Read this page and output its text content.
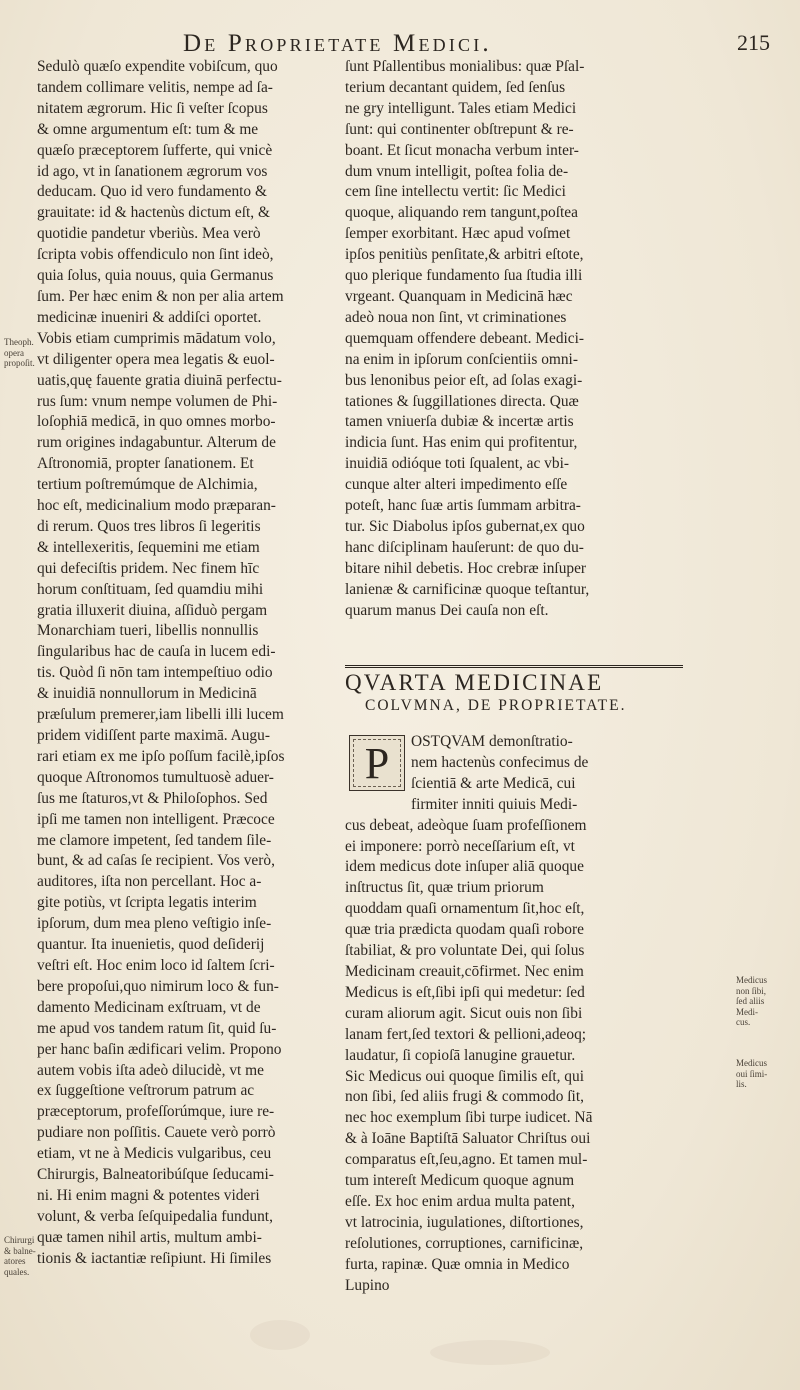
De Proprietate Medici.	215

Sedulò quæſo expendite vobiſcum, quo

tandem collimare velitis, nempe ad ſa-

nitatem ægrorum. Hic ſi veſter ſcopus

& omne argumentum eſt: tum & me

quæſo præceptorem ſufferte, qui vnicè

id ago, vt in ſanationem ægrorum vos

deducam. Quo id vero fundamento &

grauitate: id & hactenùs dictum eſt, &

quotidie pandetur vberiùs. Mea verò

ſcripta vobis offendiculo non ſint ideò,

quia ſolus, quia nouus, quia Germanus

ſum. Per hæc enim & non per alia artem

medicinæ inueniri & addiſci oportet.

Vobis etiam cumprimis mādatum volo,

vt diligenter opera mea legatis & euol-

uatis,quę fauente gratia diuinā perfectu-

rus ſum: vnum nempe volumen de Phi-

loſophiā medicā, in quo omnes morbo-

rum origines indagabuntur. Alterum de

Aſtronomiā, propter ſanationem. Et

tertium poſtremúmque de Alchimia,

hoc eſt, medicinalium modo præparan-

di rerum. Quos tres libros ſi legeritis

& intellexeritis, ſequemini me etiam

qui defeciſtis pridem. Nec finem hīc

horum conſtituam, ſed quamdiu mihi

gratia illuxerit diuina, aſſiduò pergam

Monarchiam tueri, libellis nonnullis

ſingularibus hac de cauſa in lucem edi-

tis. Quòd ſi nōn tam intempeſtiuo odio

& inuidiā nonnullorum in Medicinā

præſulum premerer,iam libelli illi lucem

pridem vidiſſent parte maximā. Augu-

rari etiam ex me ipſo poſſum facilè,ipſos

quoque Aſtronomos tumultuosè aduer-

ſus me ſtaturos,vt & Philoſophos. Sed

ipſi me tamen non intelligent. Præcoce

me clamore impetent, ſed tandem ſile-

bunt, & ad caſas ſe recipient. Vos verò,

auditores, iſta non percellant. Hoc a-

gite potiùs, vt ſcripta legatis interim

ipſorum, dum mea pleno veſtigio inſe-

quantur. Ita inuenietis, quod deſiderij

veſtri eſt. Hoc enim loco id ſaltem ſcri-

bere propoſui,quo nimirum loco & fun-

damento Medicinam exſtruam, vt de

me apud vos tandem ratum ſit, quid ſu-

per hanc baſin ædificari velim. Propono

autem vobis iſta adeò dilucidè, vt me

ex ſuggeſtione veſtrorum patrum ac

præceptorum, profeſſorúmque, iure re-

pudiare non poſſitis. Cauete verò porrò

etiam, vt ne à Medicis vulgaribus, ceu

Chirurgis, Balneatoribúſque ſeducami-

ni. Hi enim magni & potentes videri

volunt, & verba ſeſquipedalia fundunt,

quæ tamen nihil artis, multum ambi-

tionis & iactantiæ reſipiunt. Hi ſimiles

ſunt Pſallentibus monialibus: quæ Pſal-

terium decantant quidem, ſed ſenſus

ne gry intelligunt. Tales etiam Medici

ſunt: qui continenter obſtrepunt & re-

boant. Et ſicut monacha verbum inter-

dum vnum intelligit, poſtea folia de-

cem ſine intellectu vertit: ſic Medici

quoque, aliquando rem tangunt,poſtea

ſemper exorbitant. Hæc apud voſmet

ipſos penitiùs penſitate,& arbitri eſtote,

quo plerique fundamento ſua ſtudia illi

vrgeant. Quanquam in Medicinā hæc

adeò noua non ſint, vt criminationes

quemquam offendere debeant. Medici-

na enim in ipſorum conſcientiis omni-

bus lenonibus peior eſt, ad ſolas exagi-

tationes & ſuggillationes directa. Quæ

tamen vniuerſa dubiæ & incertæ artis

indicia ſunt. Has enim qui profitentur,

inuidiā odióque toti ſqualent, ac vbi-

cunque alter alteri impedimento eſſe

poteſt, hanc ſuæ artis ſummam arbitra-

tur. Sic Diabolus ipſos gubernat,ex quo

hanc diſciplinam hauſerunt: de quo du-

bitare nihil debetis. Hoc crebræ inſuper

lanienæ & carnificinæ quoque teſtantur,

quarum manus Dei cauſa non eſt.

QVARTA MEDICINAE
COLVMNA, DE PROPRIETATE.
P	OSTQVAM demonſtratio-

nem hactenùs confecimus de

ſcientiā & arte Medicā, cui

firmiter inniti quiuis Medi-

cus debeat, adeòque ſuam profeſſionem

ei imponere: porrò neceſſarium eſt, vt

idem medicus dote inſuper aliā quoque

inſtructus ſit, quæ trium priorum

quoddam quaſi ornamentum ſit,hoc eſt,

quæ tria prædicta quodam quaſi robore

ſtabiliat, & pro voluntate Dei, qui ſolus

Medicinam creauit,cōfirmet. Nec enim

Medicus is eſt,ſibi ipſi qui medetur: ſed

curam aliorum agit. Sicut ouis non ſibi

lanam fert,ſed textori & pellioni,adeoq;

laudatur, ſi copioſā lanugine grauetur.

Sic Medicus oui quoque ſimilis eſt, qui

non ſibi, ſed aliis frugi & commodo ſit,

nec hoc exemplum ſibi turpe iudicet. Nā

& à Ioāne Baptiſtā Saluator Chriſtus oui

comparatus eſt,ſeu,agno. Et tamen mul-

tum intereſt Medicum quoque agnum

eſſe. Ex hoc enim ardua multa patent,

vt latrocinia, iugulationes, diſtortiones,

reſolutiones, corruptiones, carnificinæ,

furta, rapinæ. Quæ omnia in Medico

Lupino

Theoph.

opera

propoſit.

Chirurgi

& balne-

atores

quales.

Medicus

non ſibi,

ſed aliis

Medi-

cus.

Medicus

oui ſimi-

lis.
